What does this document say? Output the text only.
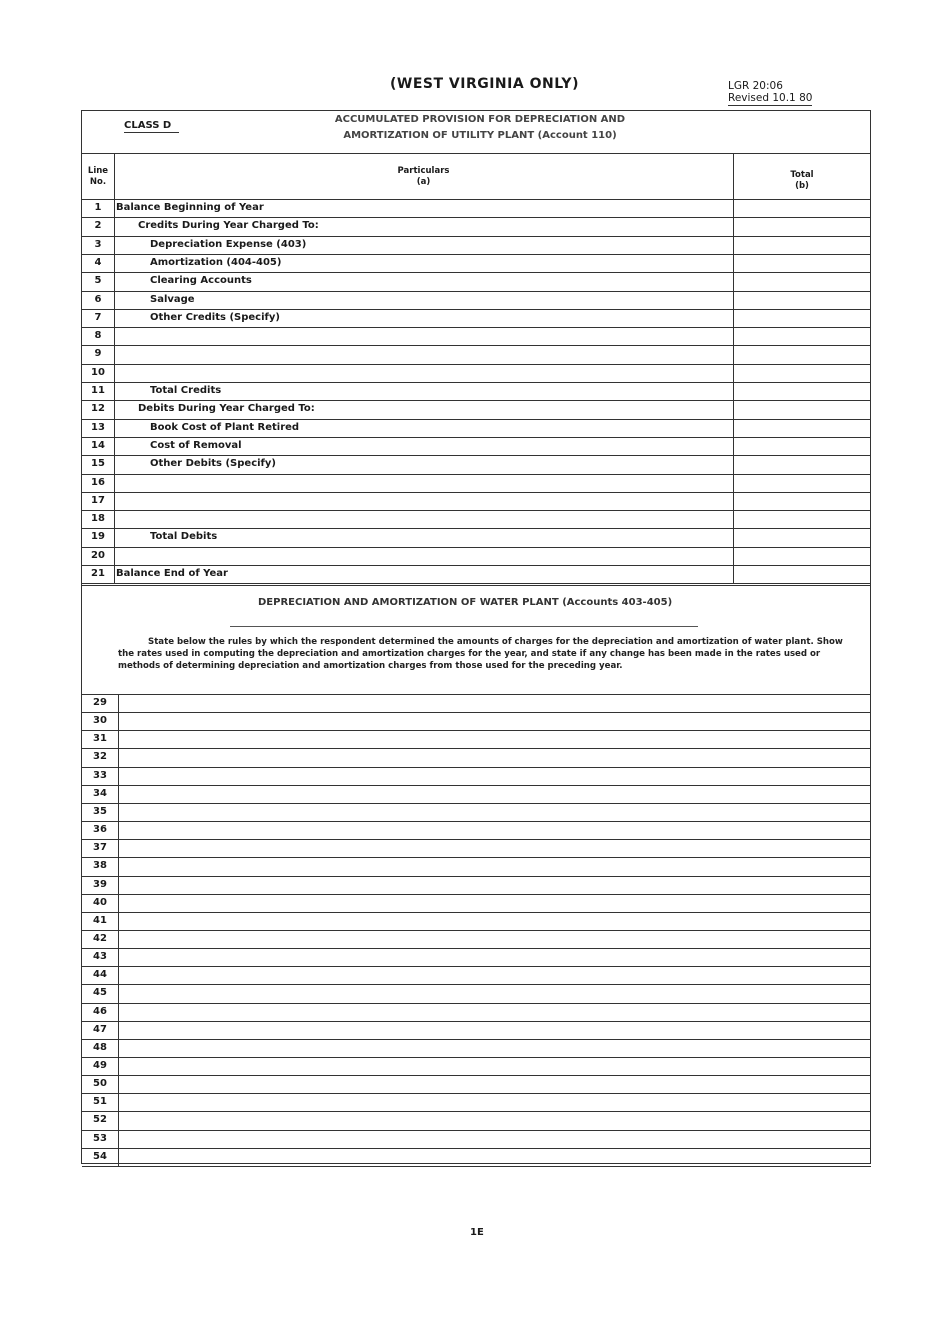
(WEST VIRGINIA ONLY)	LGR 20:06
Revised 10.1 80
CLASS D
ACCUMULATED PROVISION FOR DEPRECIATION AND
AMORTIZATION OF UTILITY PLANT (Account 110)
Line
No.
Particulars
(a)
Total
(b)
1	Balance Beginning of Year
2	Credits During Year Charged To:
3	Depreciation Expense (403)
4	Amortization (404-405)
5	Clearing Accounts
6	Salvage
7	Other Credits (Specify)
8
9
10
11	Total Credits
12	Debits During Year Charged To:
13	Book Cost of Plant Retired
14	Cost of Removal
15	Other Debits (Specify)
16
17
18
19	Total Debits
20
21	Balance End of Year
DEPRECIATION AND AMORTIZATION OF WATER PLANT (Accounts 403-405)
State below the rules by which the respondent determined the amounts of charges for the depreciation and amortization of water plant. Show the rates used in computing the depreciation and amortization charges for the year, and state if any change has been made in the rates used or methods of determining depreciation and amortization charges from those used for the preceding year.
29
30
31
32
33
34
35
36
37
38
39
40
41
42
43
44
45
46
47
48
49
50
51
52
53
54
1E
